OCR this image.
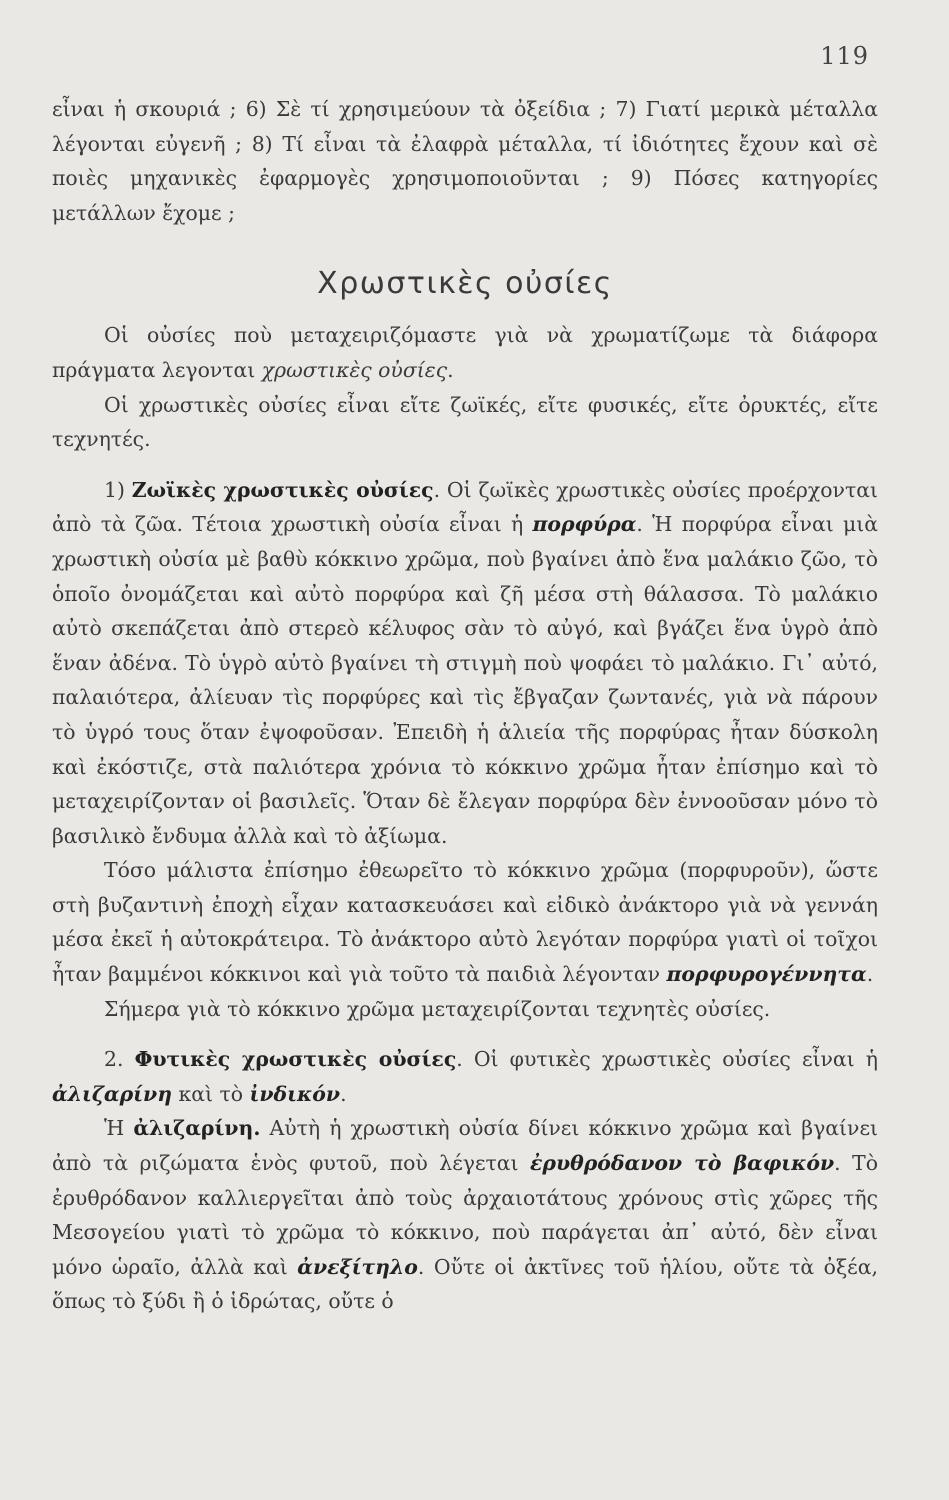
119

εἶναι ἡ σκουριά ; 6) Σὲ τί χρησιμεύουν τὰ ὀξείδια ; 7) Γιατί μερικὰ μέταλλα λέγονται εὐγενῆ ; 8) Τί εἶναι τὰ ἐλαφρὰ μέταλλα, τί ἰδιότητες ἔχουν καὶ σὲ ποιὲς μηχανικὲς ἐφαρμογὲς χρησιμοποιοῦνται ; 9) Πόσες κατηγορίες μετάλλων ἔχομε ;

Χρωστικὲς οὐσίες

Οἱ οὐσίες ποὺ μεταχειριζόμαστε γιὰ νὰ χρωματίζωμε τὰ διάφορα πράγματα λεγονται χρωστικὲς οὐσίες.

Οἱ χρωστικὲς οὐσίες εἶναι εἴτε ζωϊκές, εἴτε φυσικές, εἴτε ὀρυκτές, εἴτε τεχνητές.

1) Ζωϊκὲς χρωστικὲς οὐσίες. Οἱ ζωϊκὲς χρωστικὲς οὐσίες προέρχονται ἀπὸ τὰ ζῶα. Τέτοια χρωστικὴ οὐσία εἶναι ἡ πορφύρα. Ἡ πορφύρα εἶναι μιὰ χρωστικὴ οὐσία μὲ βαθὺ κόκκινο χρῶμα, ποὺ βγαίνει ἀπὸ ἕνα μαλάκιο ζῶο, τὸ ὁποῖο ὀνομάζεται καὶ αὐτὸ πορφύρα καὶ ζῆ μέσα στὴ θάλασσα. Τὸ μαλάκιο αὐτὸ σκεπάζεται ἀπὸ στερεὸ κέλυφος σὰν τὸ αὐγό, καὶ βγάζει ἕνα ὑγρὸ ἀπὸ ἕναν ἀδένα. Τὸ ὑγρὸ αὐτὸ βγαίνει τὴ στιγμὴ ποὺ ψοφάει τὸ μαλάκιο. Γι᾽ αὐτό, παλαιότερα, ἀλίευαν τὶς πορφύρες καὶ τὶς ἔβγαζαν ζωντανές, γιὰ νὰ πάρουν τὸ ὑγρό τους ὅταν ἐψοφοῦσαν. Ἐπειδὴ ἡ ἁλιεία τῆς πορφύρας ἦταν δύσκολη καὶ ἐκόστιζε, στὰ παλιότερα χρόνια τὸ κόκκινο χρῶμα ἦταν ἐπίσημο καὶ τὸ μεταχειρίζονταν οἱ βασιλεῖς. Ὅταν δὲ ἔλεγαν πορφύρα δὲν ἐννοοῦσαν μόνο τὸ βασιλικὸ ἔνδυμα ἀλλὰ καὶ τὸ ἀξίωμα.

Τόσο μάλιστα ἐπίσημο ἐθεωρεῖτο τὸ κόκκινο χρῶμα (πορφυροῦν), ὥστε στὴ βυζαντινὴ ἐποχὴ εἶχαν κατασκευάσει καὶ εἰδικὸ ἀνάκτορο γιὰ νὰ γεννάη μέσα ἐκεῖ ἡ αὐτοκράτειρα. Τὸ ἀνάκτορο αὐτὸ λεγόταν πορφύρα γιατὶ οἱ τοῖχοι ἦταν βαμμένοι κόκκινοι καὶ γιὰ τοῦτο τὰ παιδιὰ λέγονταν πορφυρογέννητα.

Σήμερα γιὰ τὸ κόκκινο χρῶμα μεταχειρίζονται τεχνητὲς οὐσίες.

2. Φυτικὲς χρωστικὲς οὐσίες. Οἱ φυτικὲς χρωστικὲς οὐσίες εἶναι ἡ ἀλιζαρίνη καὶ τὸ ἰνδικόν.

Ἡ ἀλιζαρίνη. Αὐτὴ ἡ χρωστικὴ οὐσία δίνει κόκκινο χρῶμα καὶ βγαίνει ἀπὸ τὰ ριζώματα ἑνὸς φυτοῦ, ποὺ λέγεται ἐρυθρόδανον τὸ βαφικόν. Τὸ ἐρυθρόδανον καλλιεργεῖται ἀπὸ τοὺς ἀρχαιοτάτους χρόνους στὶς χῶρες τῆς Μεσογείου γιατὶ τὸ χρῶμα τὸ κόκκινο, ποὺ παράγεται ἀπ᾽ αὐτό, δὲν εἶναι μόνο ὡραῖο, ἀλλὰ καὶ ἀνεξίτηλο. Οὔτε οἱ ἀκτῖνες τοῦ ἡλίου, οὔτε τὰ ὀξέα, ὅπως τὸ ξύδι ἢ ὁ ἱδρώτας, οὔτε ὁ
